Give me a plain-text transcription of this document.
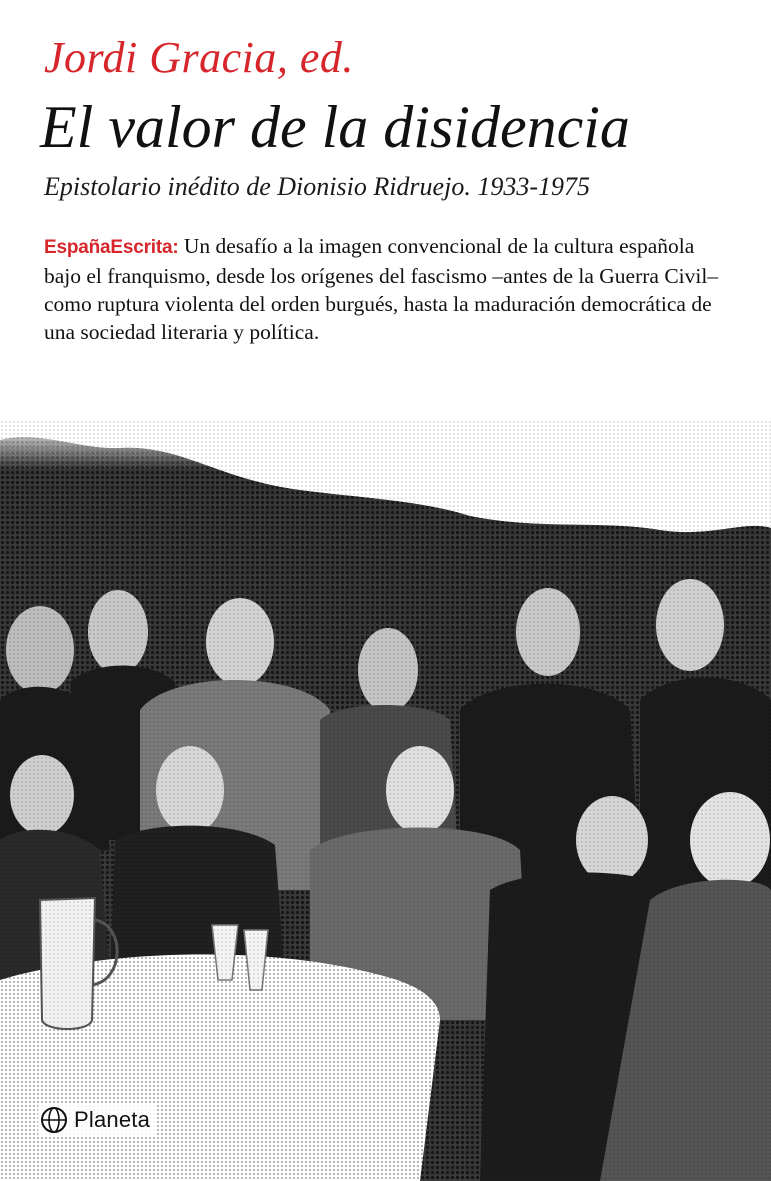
Jordi Gracia, ed.
El valor de la disidencia
Epistolario inédito de Dionisio Ridruejo. 1933-1975
EspañaEscrita: Un desafío a la imagen convencional de la cultura española bajo el franquismo, desde los orígenes del fascismo –antes de la Guerra Civil– como ruptura violenta del orden burgués, hasta la maduración democrática de una sociedad literaria y política.
Planeta
